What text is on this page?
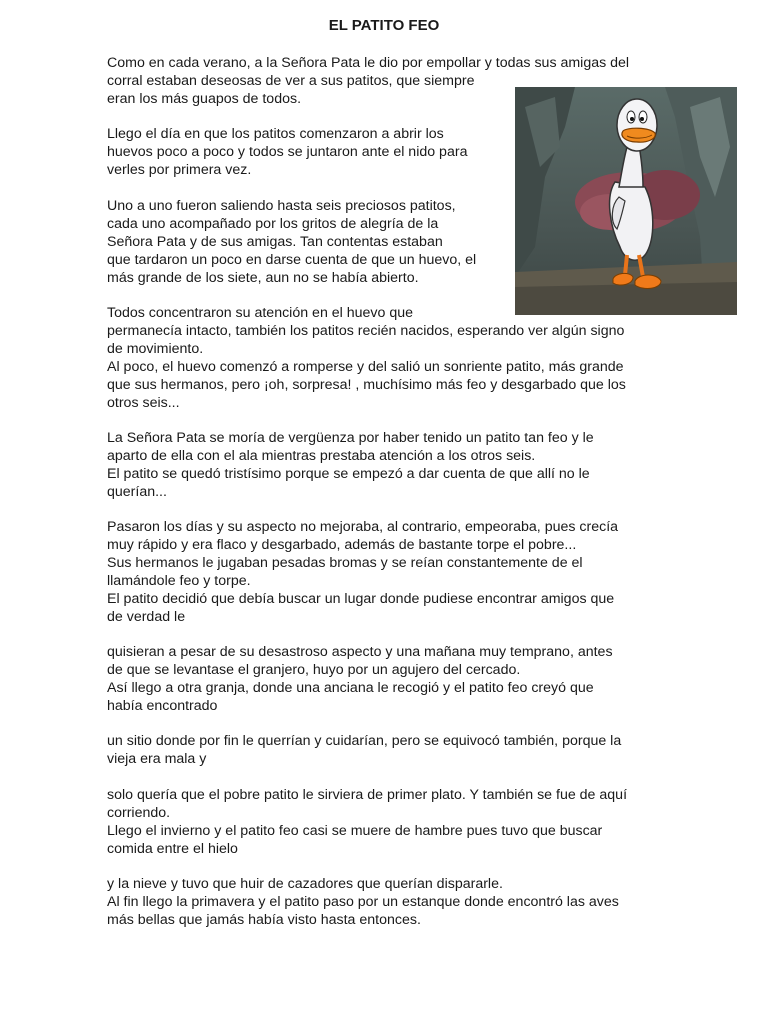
EL PATITO FEO
Como en cada verano, a la Señora Pata le dio por empollar y todas sus amigas del
corral estaban deseosas de ver a sus patitos, que siempre
eran los más guapos de todos.
Llego el día en que los patitos comenzaron a abrir los
huevos poco a poco y todos se juntaron ante el nido para
verles por primera vez.
Uno a uno fueron saliendo hasta seis preciosos patitos,
cada uno acompañado por los gritos de alegría de la
Señora Pata y de sus amigas. Tan contentas estaban
que tardaron un poco en darse cuenta de que un huevo, el
más grande de los siete, aun no se había abierto.
Todos concentraron su atención en el huevo que
permanecía intacto, también los patitos recién nacidos, esperando ver algún signo
de movimiento.
Al poco, el huevo comenzó a romperse y del salió un sonriente patito, más grande
que sus hermanos, pero ¡oh, sorpresa! , muchísimo más feo y desgarbado que los
otros seis...
La Señora Pata se moría de vergüenza por haber tenido un patito tan feo y le
aparto de ella con el ala mientras prestaba atención a los otros seis.
El patito se quedó tristísimo porque se empezó a dar cuenta de que allí no le
querían...
Pasaron los días y su aspecto no mejoraba, al contrario, empeoraba, pues crecía
muy rápido y era flaco y desgarbado, además de bastante torpe el pobre...
Sus hermanos le jugaban pesadas bromas y se reían constantemente de el
llamándole feo y torpe.
El patito decidió que debía buscar un lugar donde pudiese encontrar amigos que
de verdad le
quisieran a pesar de su desastroso aspecto y una mañana muy temprano, antes
de que se levantase el granjero, huyo por un agujero del cercado.
Así llego a otra granja, donde una anciana le recogió y el patito feo creyó que
había encontrado
un sitio donde por fin le querrían y cuidarían, pero se equivocó también, porque la
vieja era mala y
solo quería que el pobre patito le sirviera de primer plato. Y también se fue de aquí
corriendo.
Llego el invierno y el patito feo casi se muere de hambre pues tuvo que buscar
comida entre el hielo
y la nieve y tuvo que huir de cazadores que querían dispararle.
Al fin llego la primavera y el patito paso por un estanque donde encontró las aves
más bellas que jamás había visto hasta entonces.
